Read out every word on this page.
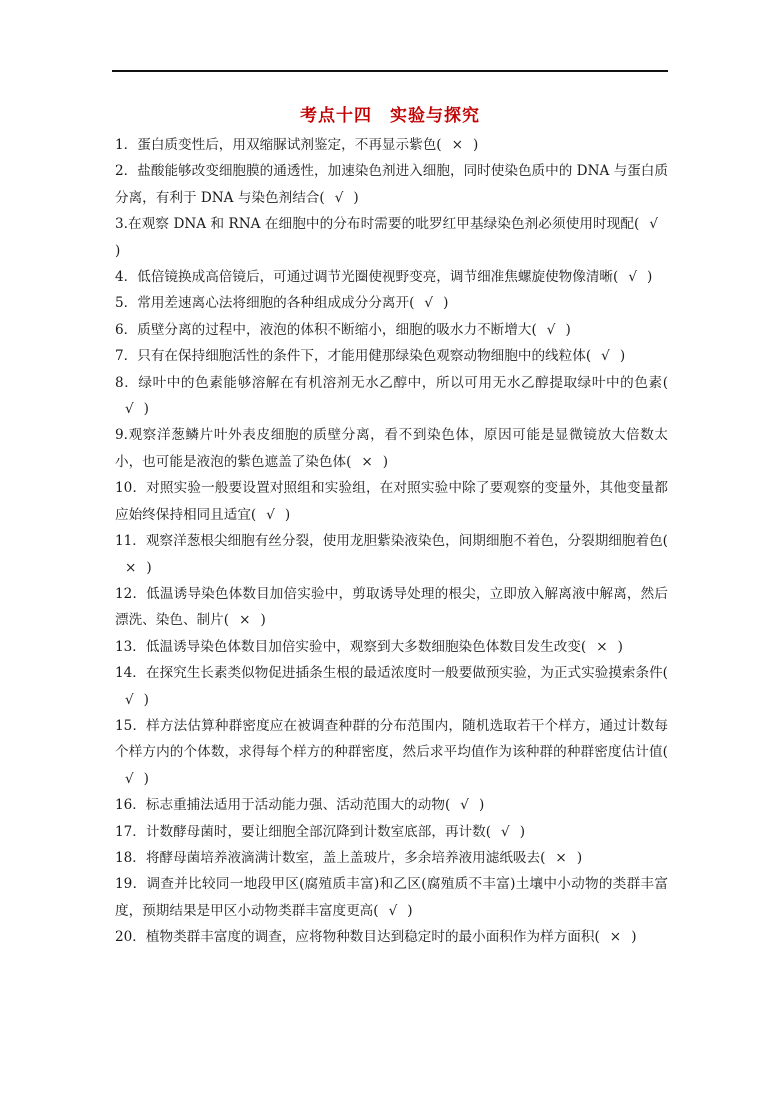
考点十四　实验与探究

1．蛋白质变性后，用双缩脲试剂鉴定，不再显示紫色( × )

2．盐酸能够改变细胞膜的通透性，加速染色剂进入细胞，同时使染色质中的 DNA 与蛋白质分离，有利于 DNA 与染色剂结合( √ )

3.在观察 DNA 和 RNA 在细胞中的分布时需要的吡罗红甲基绿染色剂必须使用时现配( √)

4．低倍镜换成高倍镜后，可通过调节光圈使视野变亮，调节细准焦螺旋使物像清晰( √ )

5．常用差速离心法将细胞的各种组成成分分离开( √ )

6．质壁分离的过程中，液泡的体积不断缩小，细胞的吸水力不断增大( √ )

7．只有在保持细胞活性的条件下，才能用健那绿染色观察动物细胞中的线粒体( √ )

8．绿叶中的色素能够溶解在有机溶剂无水乙醇中，所以可用无水乙醇提取绿叶中的色素(√ )

9.观察洋葱鳞片叶外表皮细胞的质壁分离，看不到染色体，原因可能是显微镜放大倍数太小，也可能是液泡的紫色遮盖了染色体( × )

10．对照实验一般要设置对照组和实验组，在对照实验中除了要观察的变量外，其他变量都应始终保持相同且适宜( √ )

11．观察洋葱根尖细胞有丝分裂，使用龙胆紫染液染色，间期细胞不着色，分裂期细胞着色(× )

12．低温诱导染色体数目加倍实验中，剪取诱导处理的根尖，立即放入解离液中解离，然后漂洗、染色、制片( × )

13．低温诱导染色体数目加倍实验中，观察到大多数细胞染色体数目发生改变( × )

14．在探究生长素类似物促进插条生根的最适浓度时一般要做预实验，为正式实验摸索条件(√ )

15．样方法估算种群密度应在被调查种群的分布范围内，随机选取若干个样方，通过计数每个样方内的个体数，求得每个样方的种群密度，然后求平均值作为该种群的种群密度估计值(√ )

16．标志重捕法适用于活动能力强、活动范围大的动物( √ )

17．计数酵母菌时，要让细胞全部沉降到计数室底部，再计数( √ )

18．将酵母菌培养液滴满计数室，盖上盖玻片，多余培养液用滤纸吸去( × )

19．调查并比较同一地段甲区(腐殖质丰富)和乙区(腐殖质不丰富)土壤中小动物的类群丰富度，预期结果是甲区小动物类群丰富度更高( √ )

20．植物类群丰富度的调查，应将物种数目达到稳定时的最小面积作为样方面积( × )
